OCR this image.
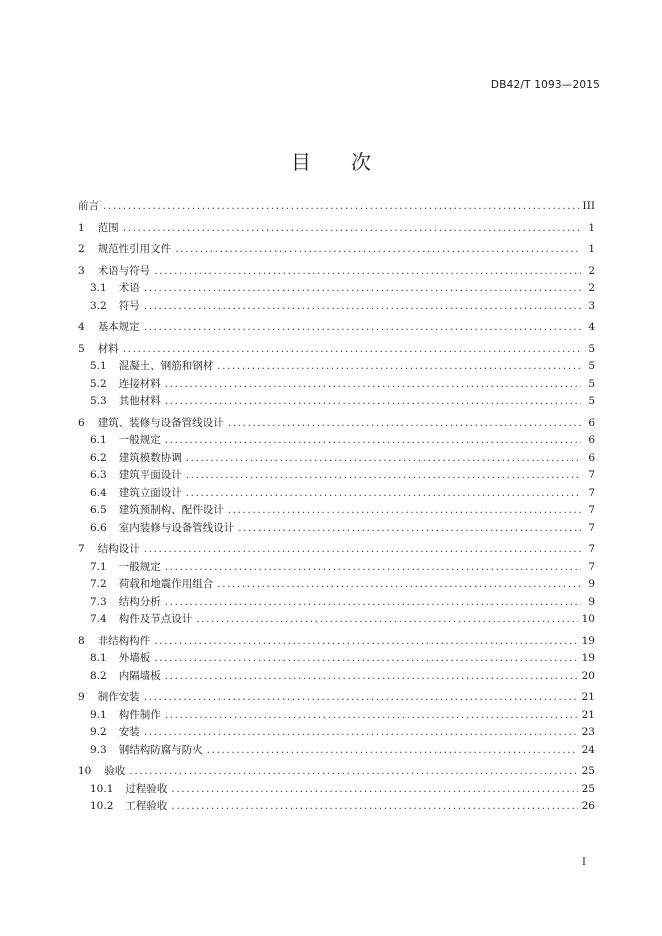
DB42/T 1093—2015
目 次
前言 .....	III
1 范围 .....	1
2 规范性引用文件 .....	1
3 术语与符号 .....	2
3.1 术语 .....	2
3.2 符号 .....	3
4 基本规定 .....	4
5 材料 .....	5
5.1 混凝土、钢筋和钢材 .....	5
5.2 连接材料 .....	5
5.3 其他材料 .....	5
6 建筑、装修与设备管线设计 .....	6
6.1 一般规定 .....	6
6.2 建筑模数协调 .....	6
6.3 建筑平面设计 .....	7
6.4 建筑立面设计 .....	7
6.5 建筑预制构、配件设计 .....	7
6.6 室内装修与设备管线设计 .....	7
7 结构设计 .....	7
7.1 一般规定 .....	7
7.2 荷载和地震作用组合 .....	9
7.3 结构分析 .....	9
7.4 构件及节点设计 .....	10
8 非结构构件 .....	19
8.1 外墙板 .....	19
8.2 内隔墙板 .....	20
9 制作安装 .....	21
9.1 构件制作 .....	21
9.2 安装 .....	23
9.3 钢结构防腐与防火 .....	24
10 验收 .....	25
10.1 过程验收 .....	25
10.2 工程验收 .....	26
I
